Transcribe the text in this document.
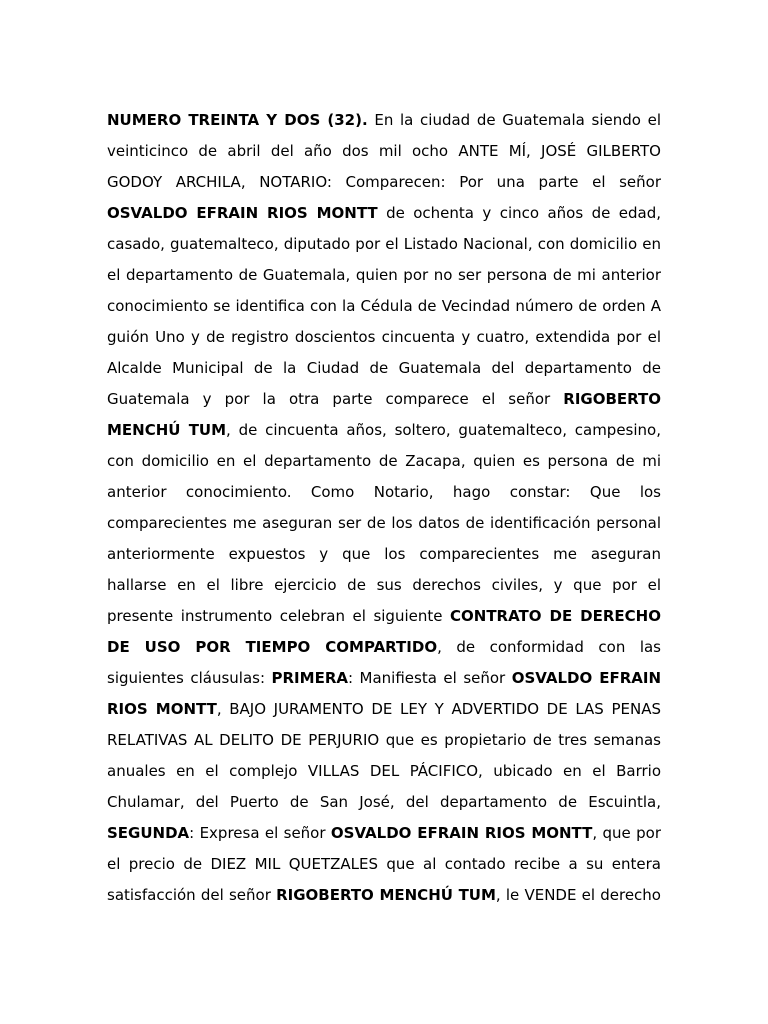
NUMERO TREINTA Y DOS (32). En la ciudad de Guatemala siendo el
veinticinco de abril del año dos mil ocho ANTE MÍ, JOSÉ GILBERTO
GODOY ARCHILA, NOTARIO: Comparecen: Por una parte el señor
OSVALDO EFRAIN RIOS MONTT de ochenta y cinco años de edad,
casado, guatemalteco, diputado por el Listado Nacional, con domicilio en
el departamento de Guatemala, quien por no ser persona de mi anterior
conocimiento se identifica con la Cédula de Vecindad número de orden A
guión Uno y de registro doscientos cincuenta y cuatro, extendida por el
Alcalde Municipal de la Ciudad de Guatemala del departamento de
Guatemala y por la otra parte comparece el señor RIGOBERTO
MENCHÚ TUM, de cincuenta años, soltero, guatemalteco, campesino,
con domicilio en el departamento de Zacapa, quien es persona de mi
anterior conocimiento. Como Notario, hago constar: Que los
comparecientes me aseguran ser de los datos de identificación personal
anteriormente expuestos y que los comparecientes me aseguran
hallarse en el libre ejercicio de sus derechos civiles, y que por el
presente instrumento celebran el siguiente CONTRATO DE DERECHO
DE USO POR TIEMPO COMPARTIDO, de conformidad con las
siguientes cláusulas: PRIMERA: Manifiesta el señor OSVALDO EFRAIN
RIOS MONTT, BAJO JURAMENTO DE LEY Y ADVERTIDO DE LAS PENAS
RELATIVAS AL DELITO DE PERJURIO que es propietario de tres semanas
anuales en el complejo VILLAS DEL PÁCIFICO, ubicado en el Barrio
Chulamar, del Puerto de San José, del departamento de Escuintla,
SEGUNDA: Expresa el señor OSVALDO EFRAIN RIOS MONTT, que por
el precio de DIEZ MIL QUETZALES que al contado recibe a su entera
satisfacción del señor RIGOBERTO MENCHÚ TUM, le VENDE el derecho
